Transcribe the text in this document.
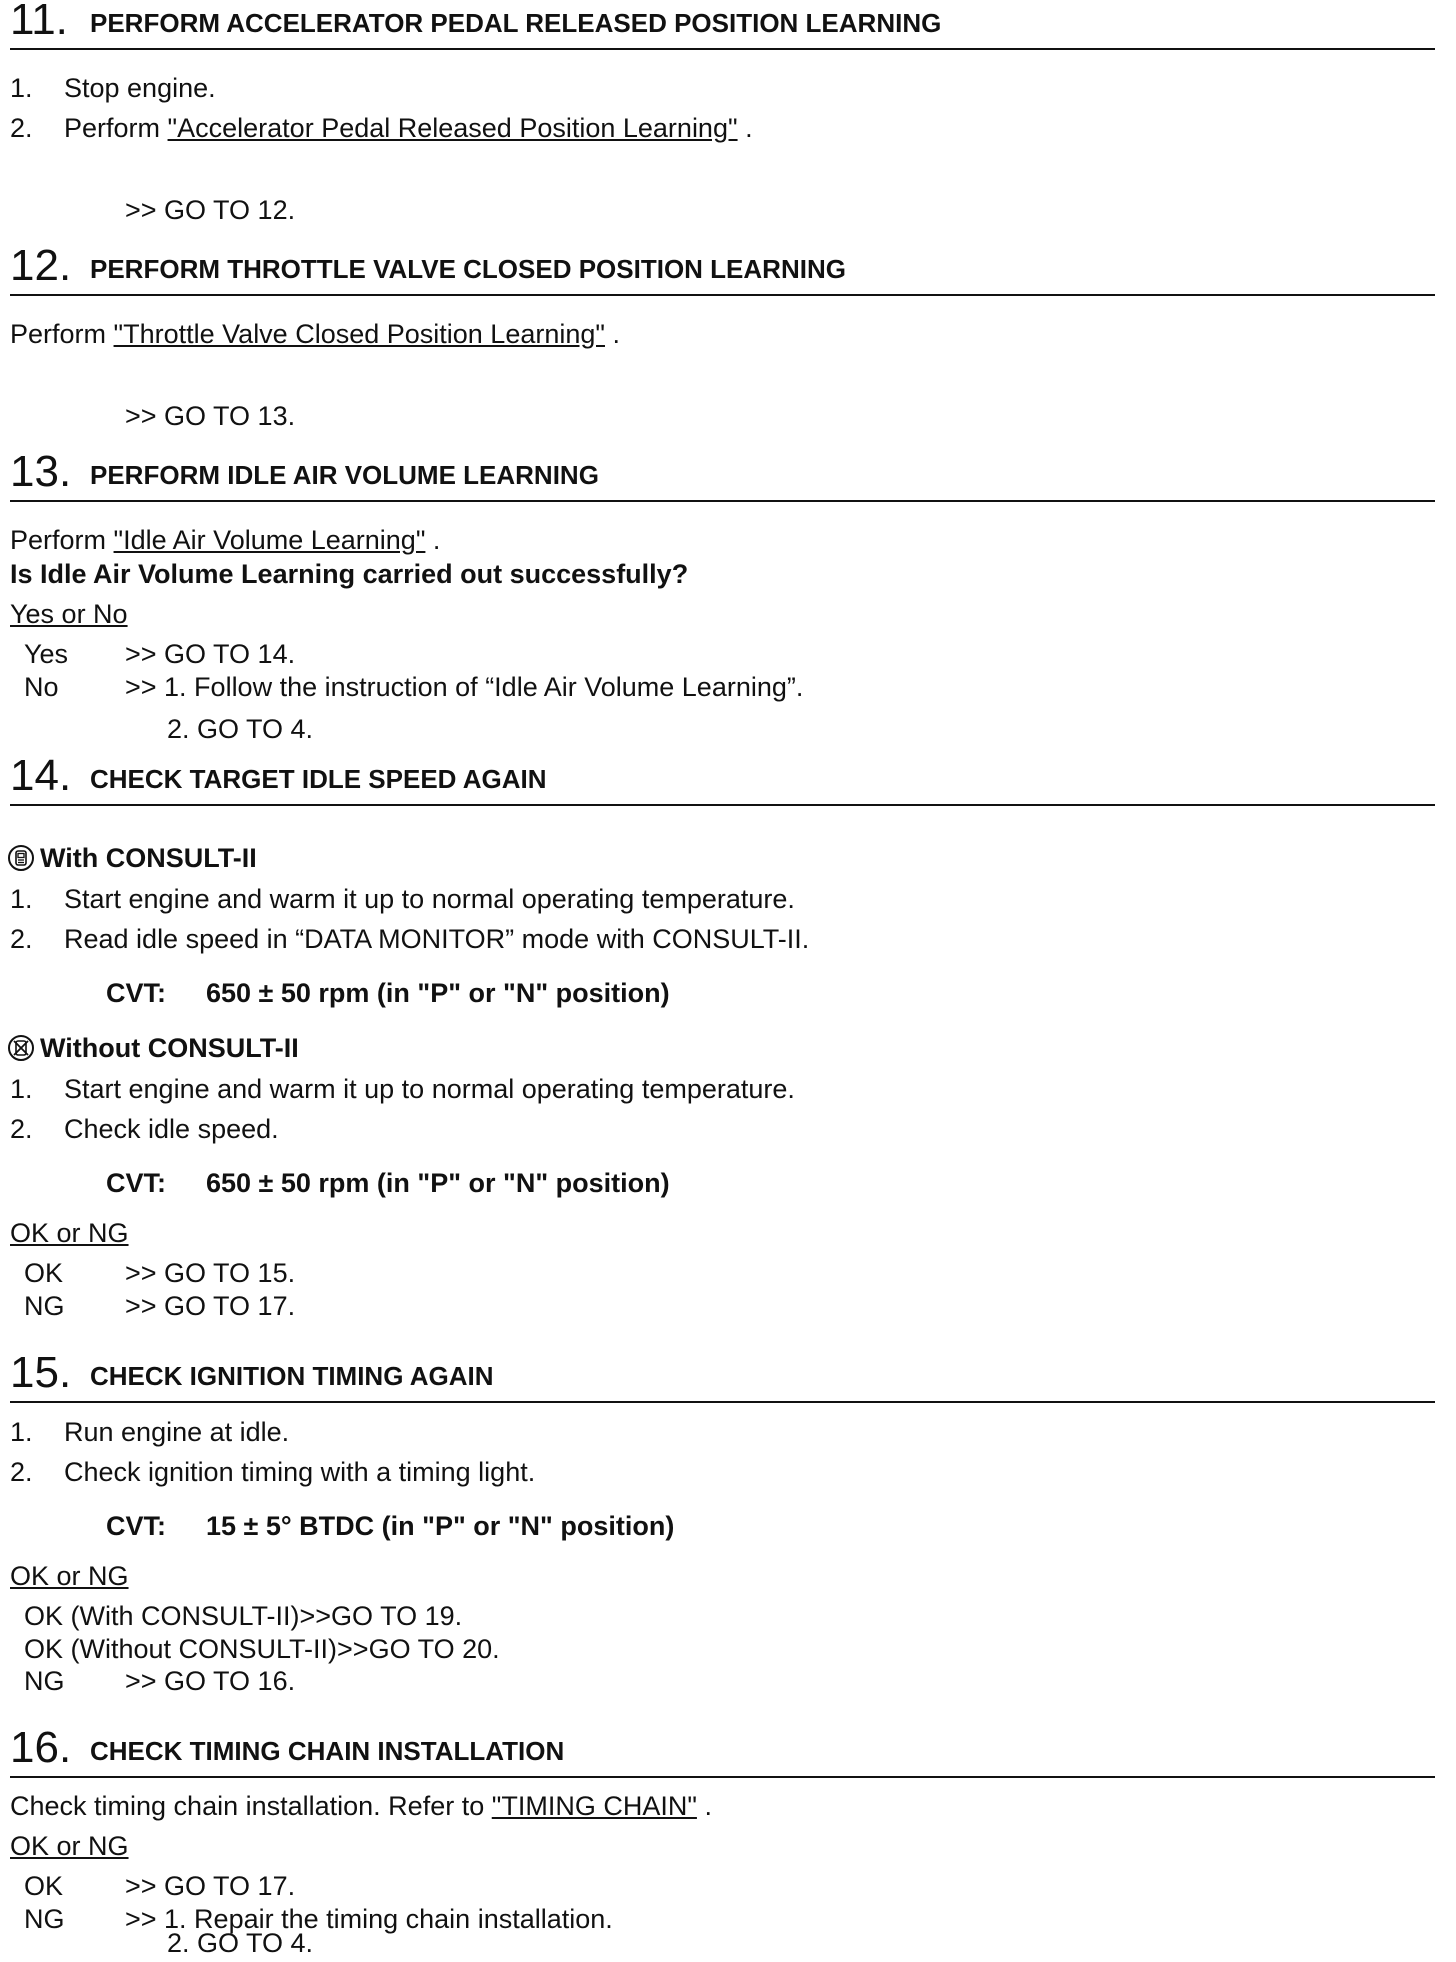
11. PERFORM ACCELERATOR PEDAL RELEASED POSITION LEARNING
1. Stop engine.
2. Perform "Accelerator Pedal Released Position Learning" .
>> GO TO 12.
12. PERFORM THROTTLE VALVE CLOSED POSITION LEARNING
Perform "Throttle Valve Closed Position Learning" .
>> GO TO 13.
13. PERFORM IDLE AIR VOLUME LEARNING
Perform "Idle Air Volume Learning" .
Is Idle Air Volume Learning carried out successfully?
Yes or No
Yes >> GO TO 14.
No >> 1. Follow the instruction of “Idle Air Volume Learning”.
2. GO TO 4.
14. CHECK TARGET IDLE SPEED AGAIN
With CONSULT-II
1. Start engine and warm it up to normal operating temperature.
2. Read idle speed in “DATA MONITOR” mode with CONSULT-II.
CVT: 650 ± 50 rpm (in "P" or "N" position)
Without CONSULT-II
1. Start engine and warm it up to normal operating temperature.
2. Check idle speed.
CVT: 650 ± 50 rpm (in "P" or "N" position)
OK or NG
OK >> GO TO 15.
NG >> GO TO 17.
15. CHECK IGNITION TIMING AGAIN
1. Run engine at idle.
2. Check ignition timing with a timing light.
CVT: 15 ± 5° BTDC (in "P" or "N" position)
OK or NG
OK (With CONSULT-II)>>GO TO 19.
OK (Without CONSULT-II)>>GO TO 20.
NG >> GO TO 16.
16. CHECK TIMING CHAIN INSTALLATION
Check timing chain installation. Refer to "TIMING CHAIN" .
OK or NG
OK >> GO TO 17.
NG >> 1. Repair the timing chain installation.
2. GO TO 4.
